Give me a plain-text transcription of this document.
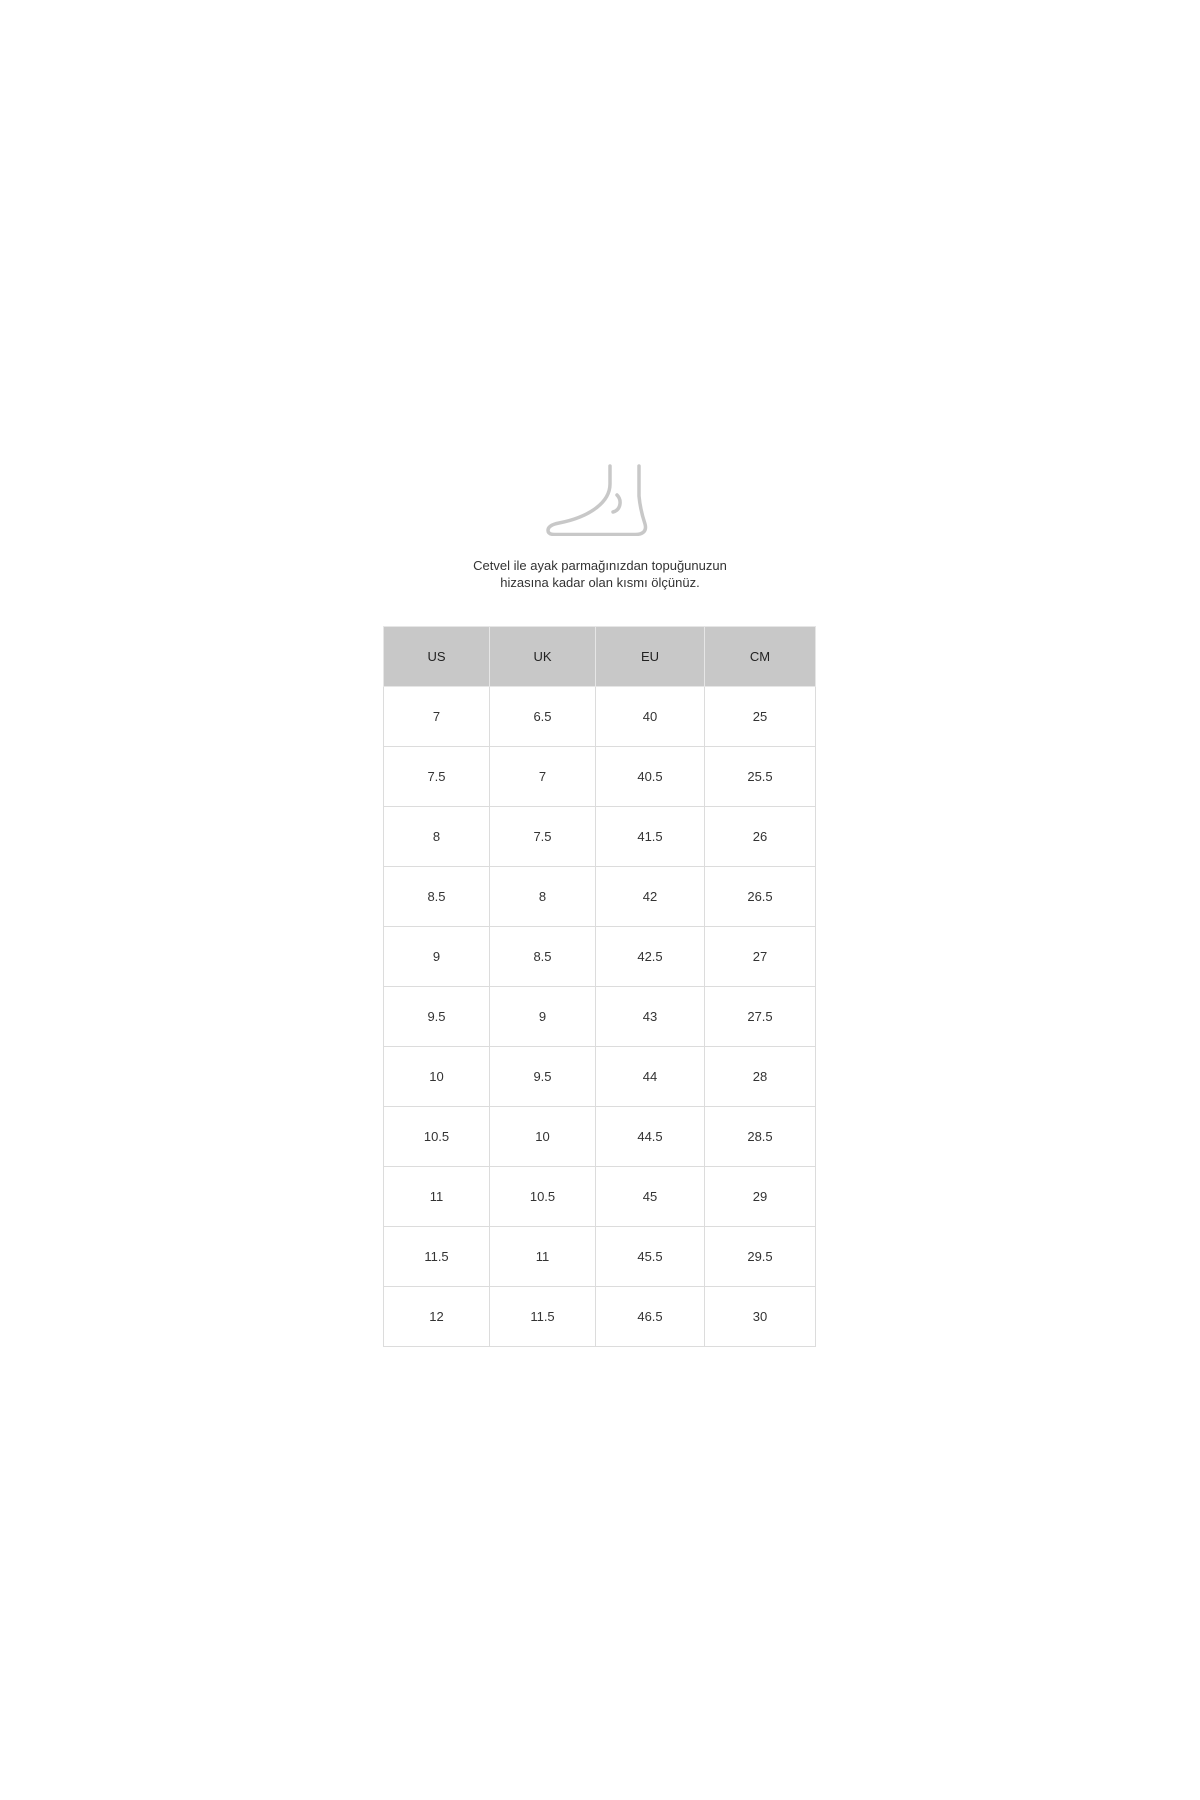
Cetvel ile ayak parmağınızdan topuğunuzun
hizasına kadar olan kısmı ölçünüz.
US	UK	EU	CM
7	6.5	40	25
7.5	7	40.5	25.5
8	7.5	41.5	26
8.5	8	42	26.5
9	8.5	42.5	27
9.5	9	43	27.5
10	9.5	44	28
10.5	10	44.5	28.5
11	10.5	45	29
11.5	11	45.5	29.5
12	11.5	46.5	30
